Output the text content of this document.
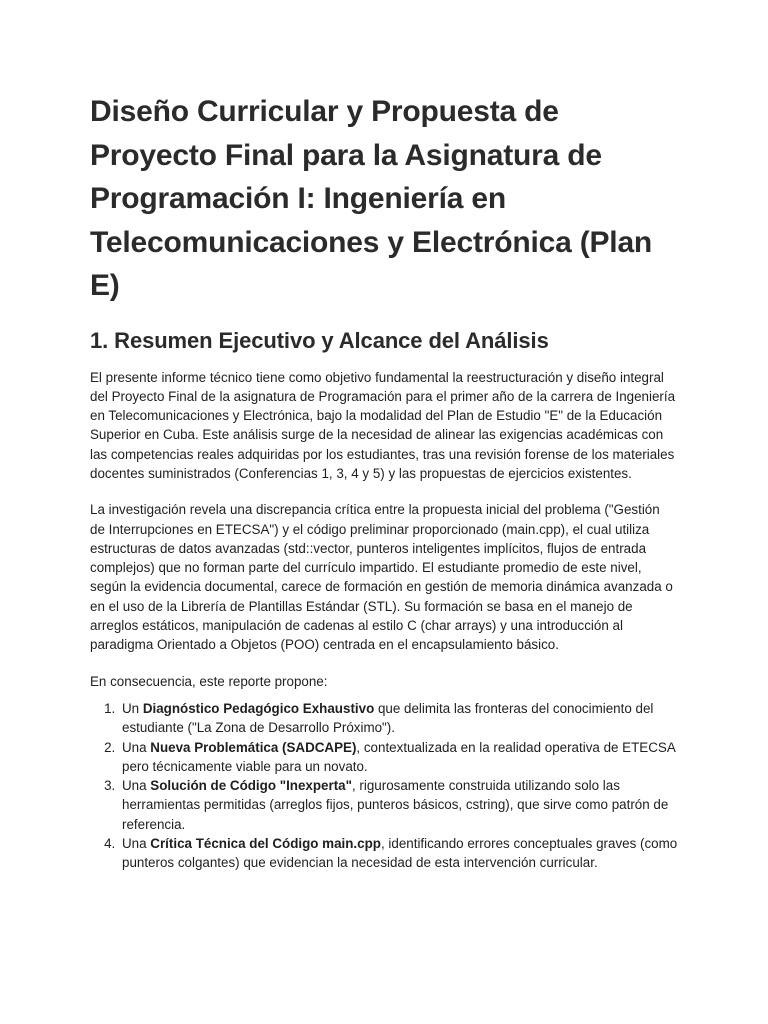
Diseño Curricular y Propuesta de Proyecto Final para la Asignatura de Programación I: Ingeniería en Telecomunicaciones y Electrónica (Plan E)
1. Resumen Ejecutivo y Alcance del Análisis

El presente informe técnico tiene como objetivo fundamental la reestructuración y diseño integral del Proyecto Final de la asignatura de Programación para el primer año de la carrera de Ingeniería en Telecomunicaciones y Electrónica, bajo la modalidad del Plan de Estudio "E" de la Educación Superior en Cuba. Este análisis surge de la necesidad de alinear las exigencias académicas con las competencias reales adquiridas por los estudiantes, tras una revisión forense de los materiales docentes suministrados (Conferencias 1, 3, 4 y 5) y las propuestas de ejercicios existentes.

La investigación revela una discrepancia crítica entre la propuesta inicial del problema ("Gestión de Interrupciones en ETECSA") y el código preliminar proporcionado (main.cpp), el cual utiliza estructuras de datos avanzadas (std::vector, punteros inteligentes implícitos, flujos de entrada complejos) que no forman parte del currículo impartido. El estudiante promedio de este nivel, según la evidencia documental, carece de formación en gestión de memoria dinámica avanzada o en el uso de la Librería de Plantillas Estándar (STL). Su formación se basa en el manejo de arreglos estáticos, manipulación de cadenas al estilo C (char arrays) y una introducción al paradigma Orientado a Objetos (POO) centrada en el encapsulamiento básico.

En consecuencia, este reporte propone:

1. Un Diagnóstico Pedagógico Exhaustivo que delimita las fronteras del conocimiento del estudiante ("La Zona de Desarrollo Próximo").
2. Una Nueva Problemática (SADCAPE), contextualizada en la realidad operativa de ETECSA pero técnicamente viable para un novato.
3. Una Solución de Código "Inexperta", rigurosamente construida utilizando solo las herramientas permitidas (arreglos fijos, punteros básicos, cstring), que sirve como patrón de referencia.
4. Una Crítica Técnica del Código main.cpp, identificando errores conceptuales graves (como punteros colgantes) que evidencian la necesidad de esta intervención curricular.
